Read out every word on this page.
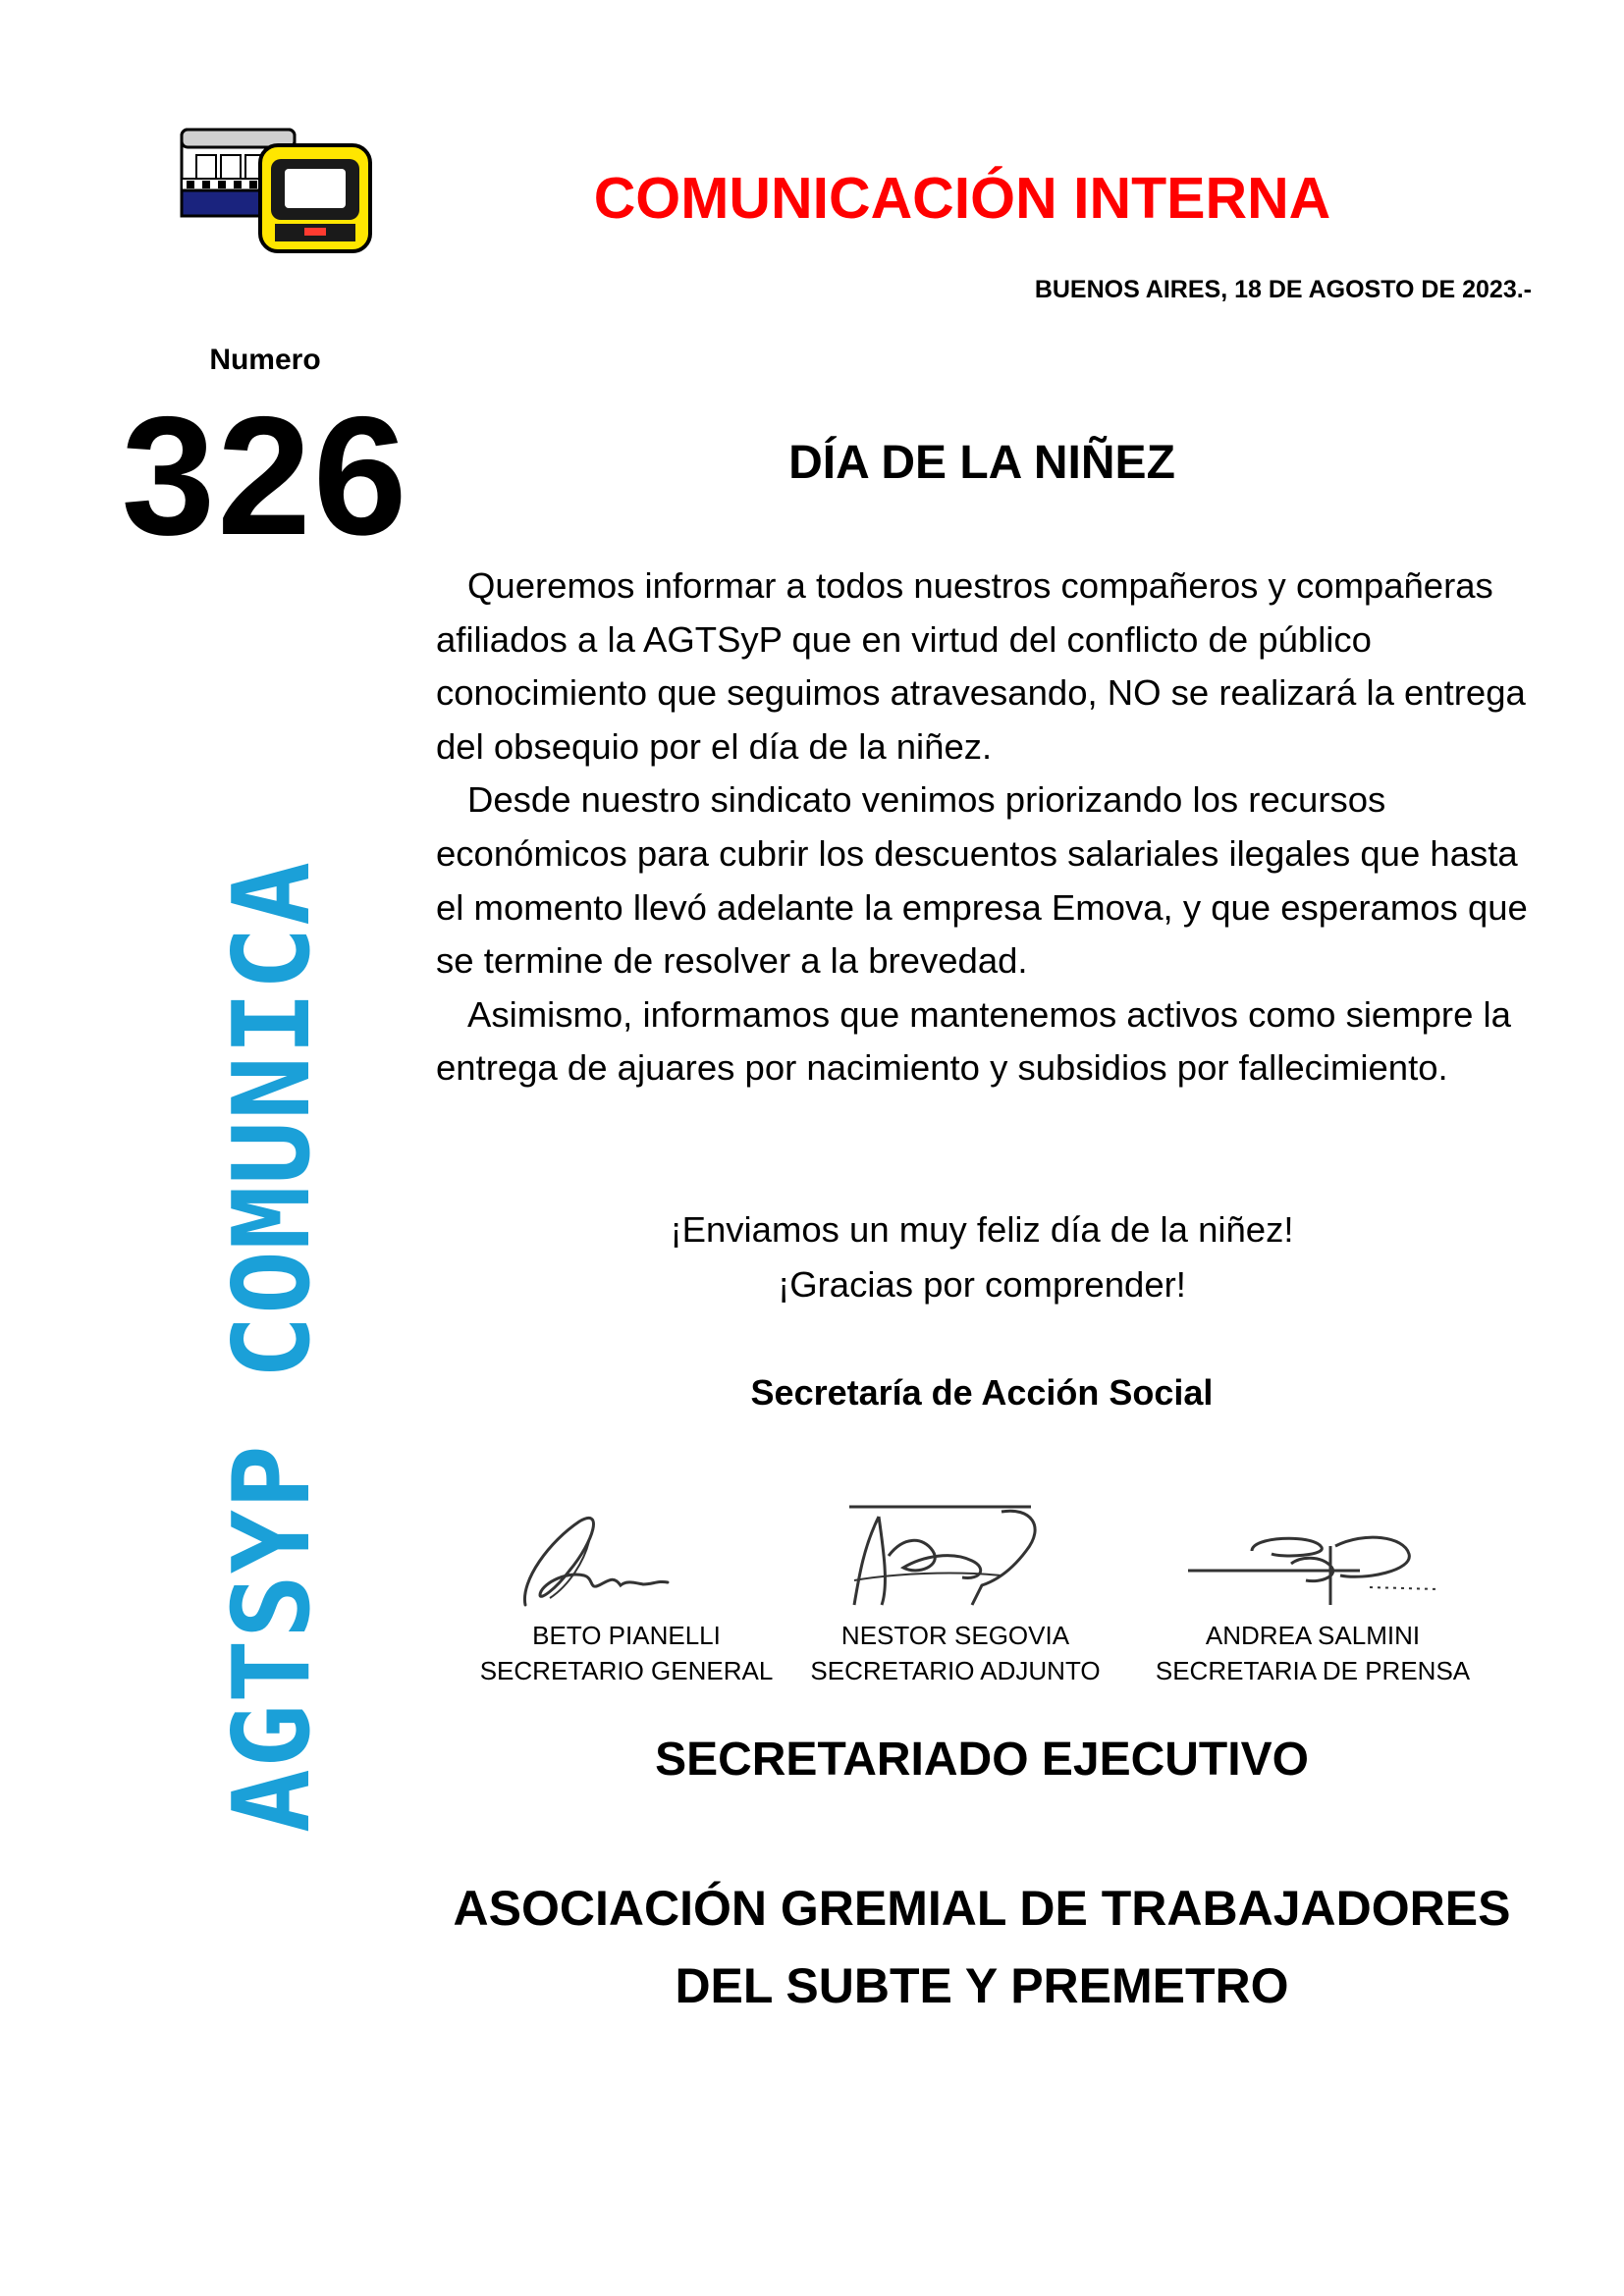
COMUNICACIÓN INTERNA
BUENOS AIRES, 18 DE AGOSTO DE 2023.-
Numero
326
AGTSYP COMUNICA
DÍA DE LA NIÑEZ

Queremos informar a todos nuestros compañeros y compañeras afiliados a la AGTSyP que en virtud del conflicto de público conocimiento que seguimos atravesando, NO se realizará la entrega del obsequio por el día de la niñez.

Desde nuestro sindicato venimos priorizando los recursos económicos para cubrir los descuentos salariales ilegales que hasta el momento llevó adelante la empresa Emova, y que esperamos que se termine de resolver a la brevedad.

Asimismo, informamos que mantenemos activos como siempre la entrega de ajuares por nacimiento y subsidios por fallecimiento.

¡Enviamos un muy feliz día de la niñez!
¡Gracias por comprender!
Secretaría de Acción Social
BETO PIANELLI
SECRETARIO GENERAL
NESTOR SEGOVIA
SECRETARIO ADJUNTO
ANDREA SALMINI
SECRETARIA DE PRENSA
SECRETARIADO EJECUTIVO
ASOCIACIÓN GREMIAL DE TRABAJADORES
DEL SUBTE Y PREMETRO
